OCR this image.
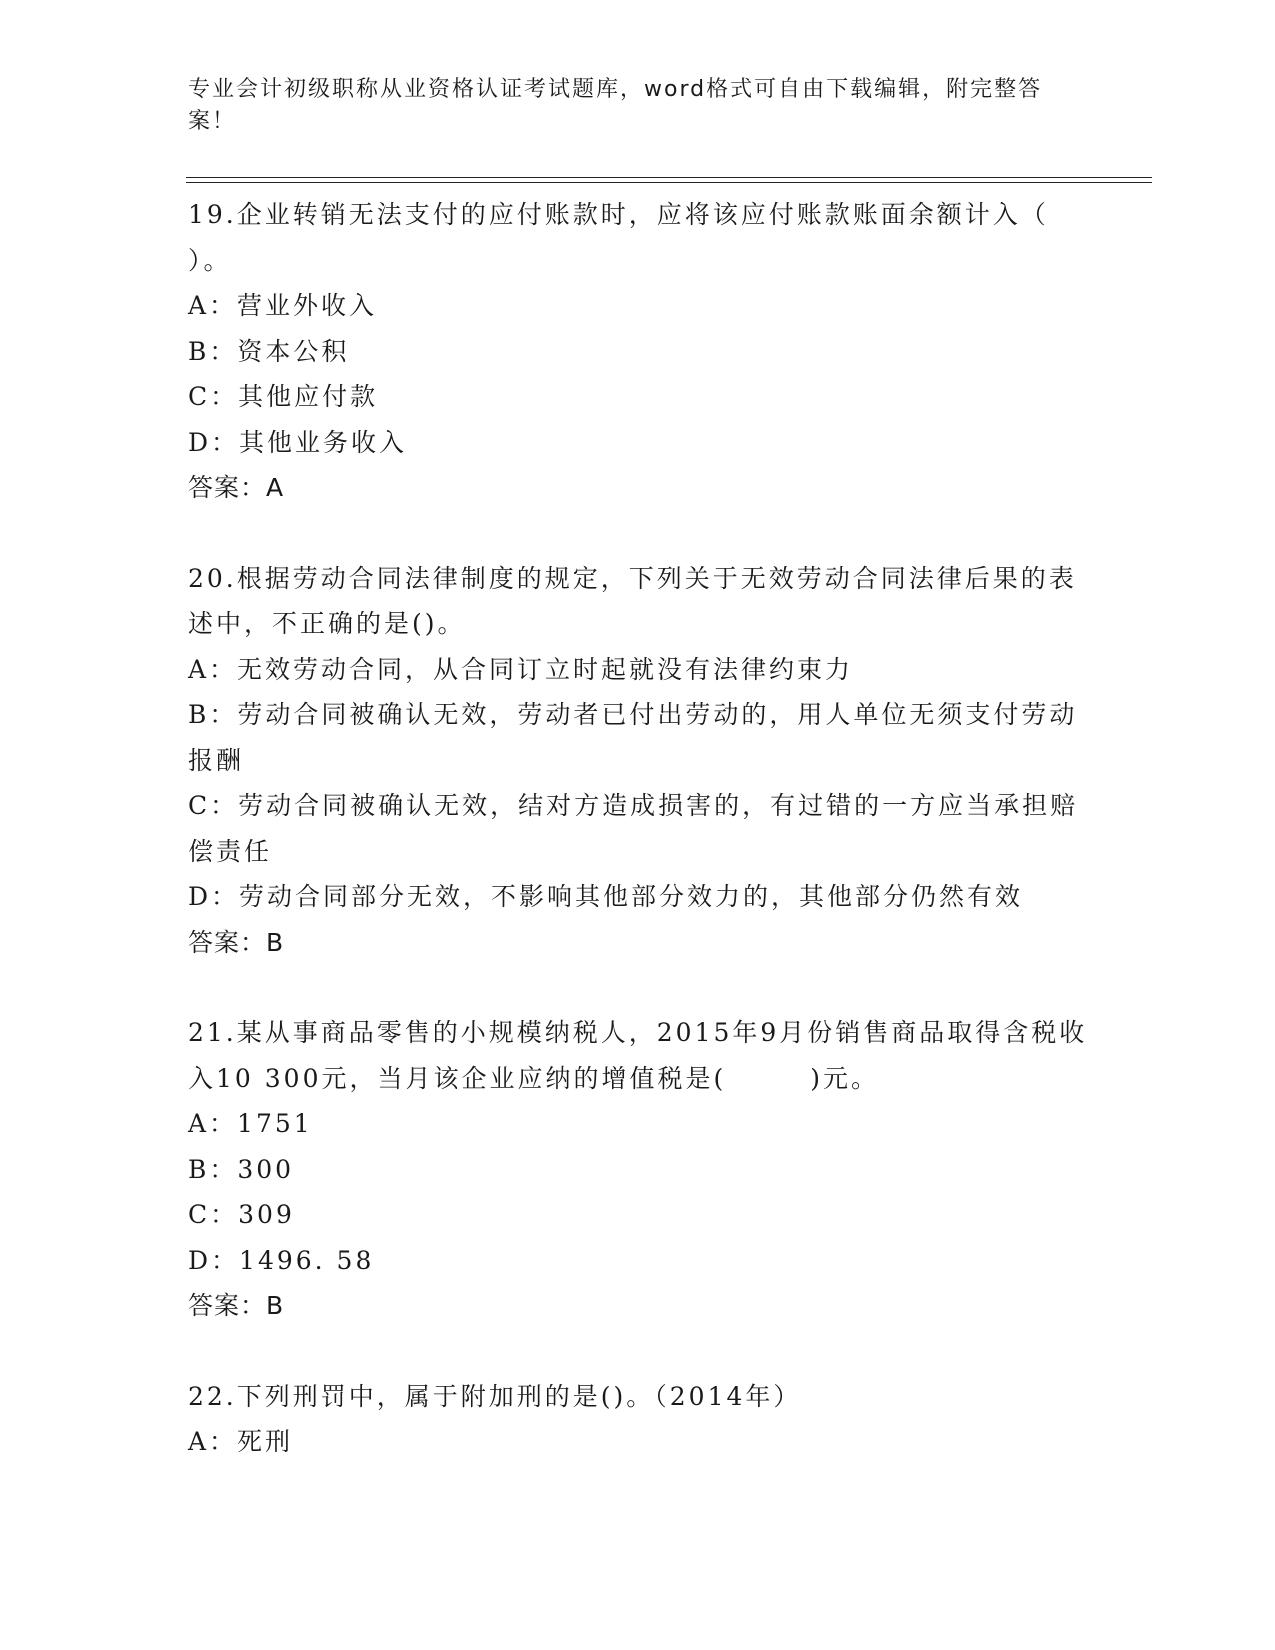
专业会计初级职称从业资格认证考试题库，word格式可自由下载编辑，附完整答案！

19.企业转销无法支付的应付账款时，应将该应付账款账面余额计入（ ）。

A：营业外收入

B：资本公积

C：其他应付款

D：其他业务收入

答案：A

20.根据劳动合同法律制度的规定，下列关于无效劳动合同法律后果的表述中，不正确的是()。

A：无效劳动合同，从合同订立时起就没有法律约束力

B：劳动合同被确认无效，劳动者已付出劳动的，用人单位无须支付劳动报酬

C：劳动合同被确认无效，结对方造成损害的，有过错的一方应当承担赔偿责任

D：劳动合同部分无效，不影响其他部分效力的，其他部分仍然有效

答案：B

21.某从事商品零售的小规模纳税人，2015年9月份销售商品取得含税收入10 300元，当月该企业应纳的增值税是(　　　)元。

A：1751

B：300

C：309

D：1496. 58

答案：B

22.下列刑罚中，属于附加刑的是()。（2014年）

A：死刑
